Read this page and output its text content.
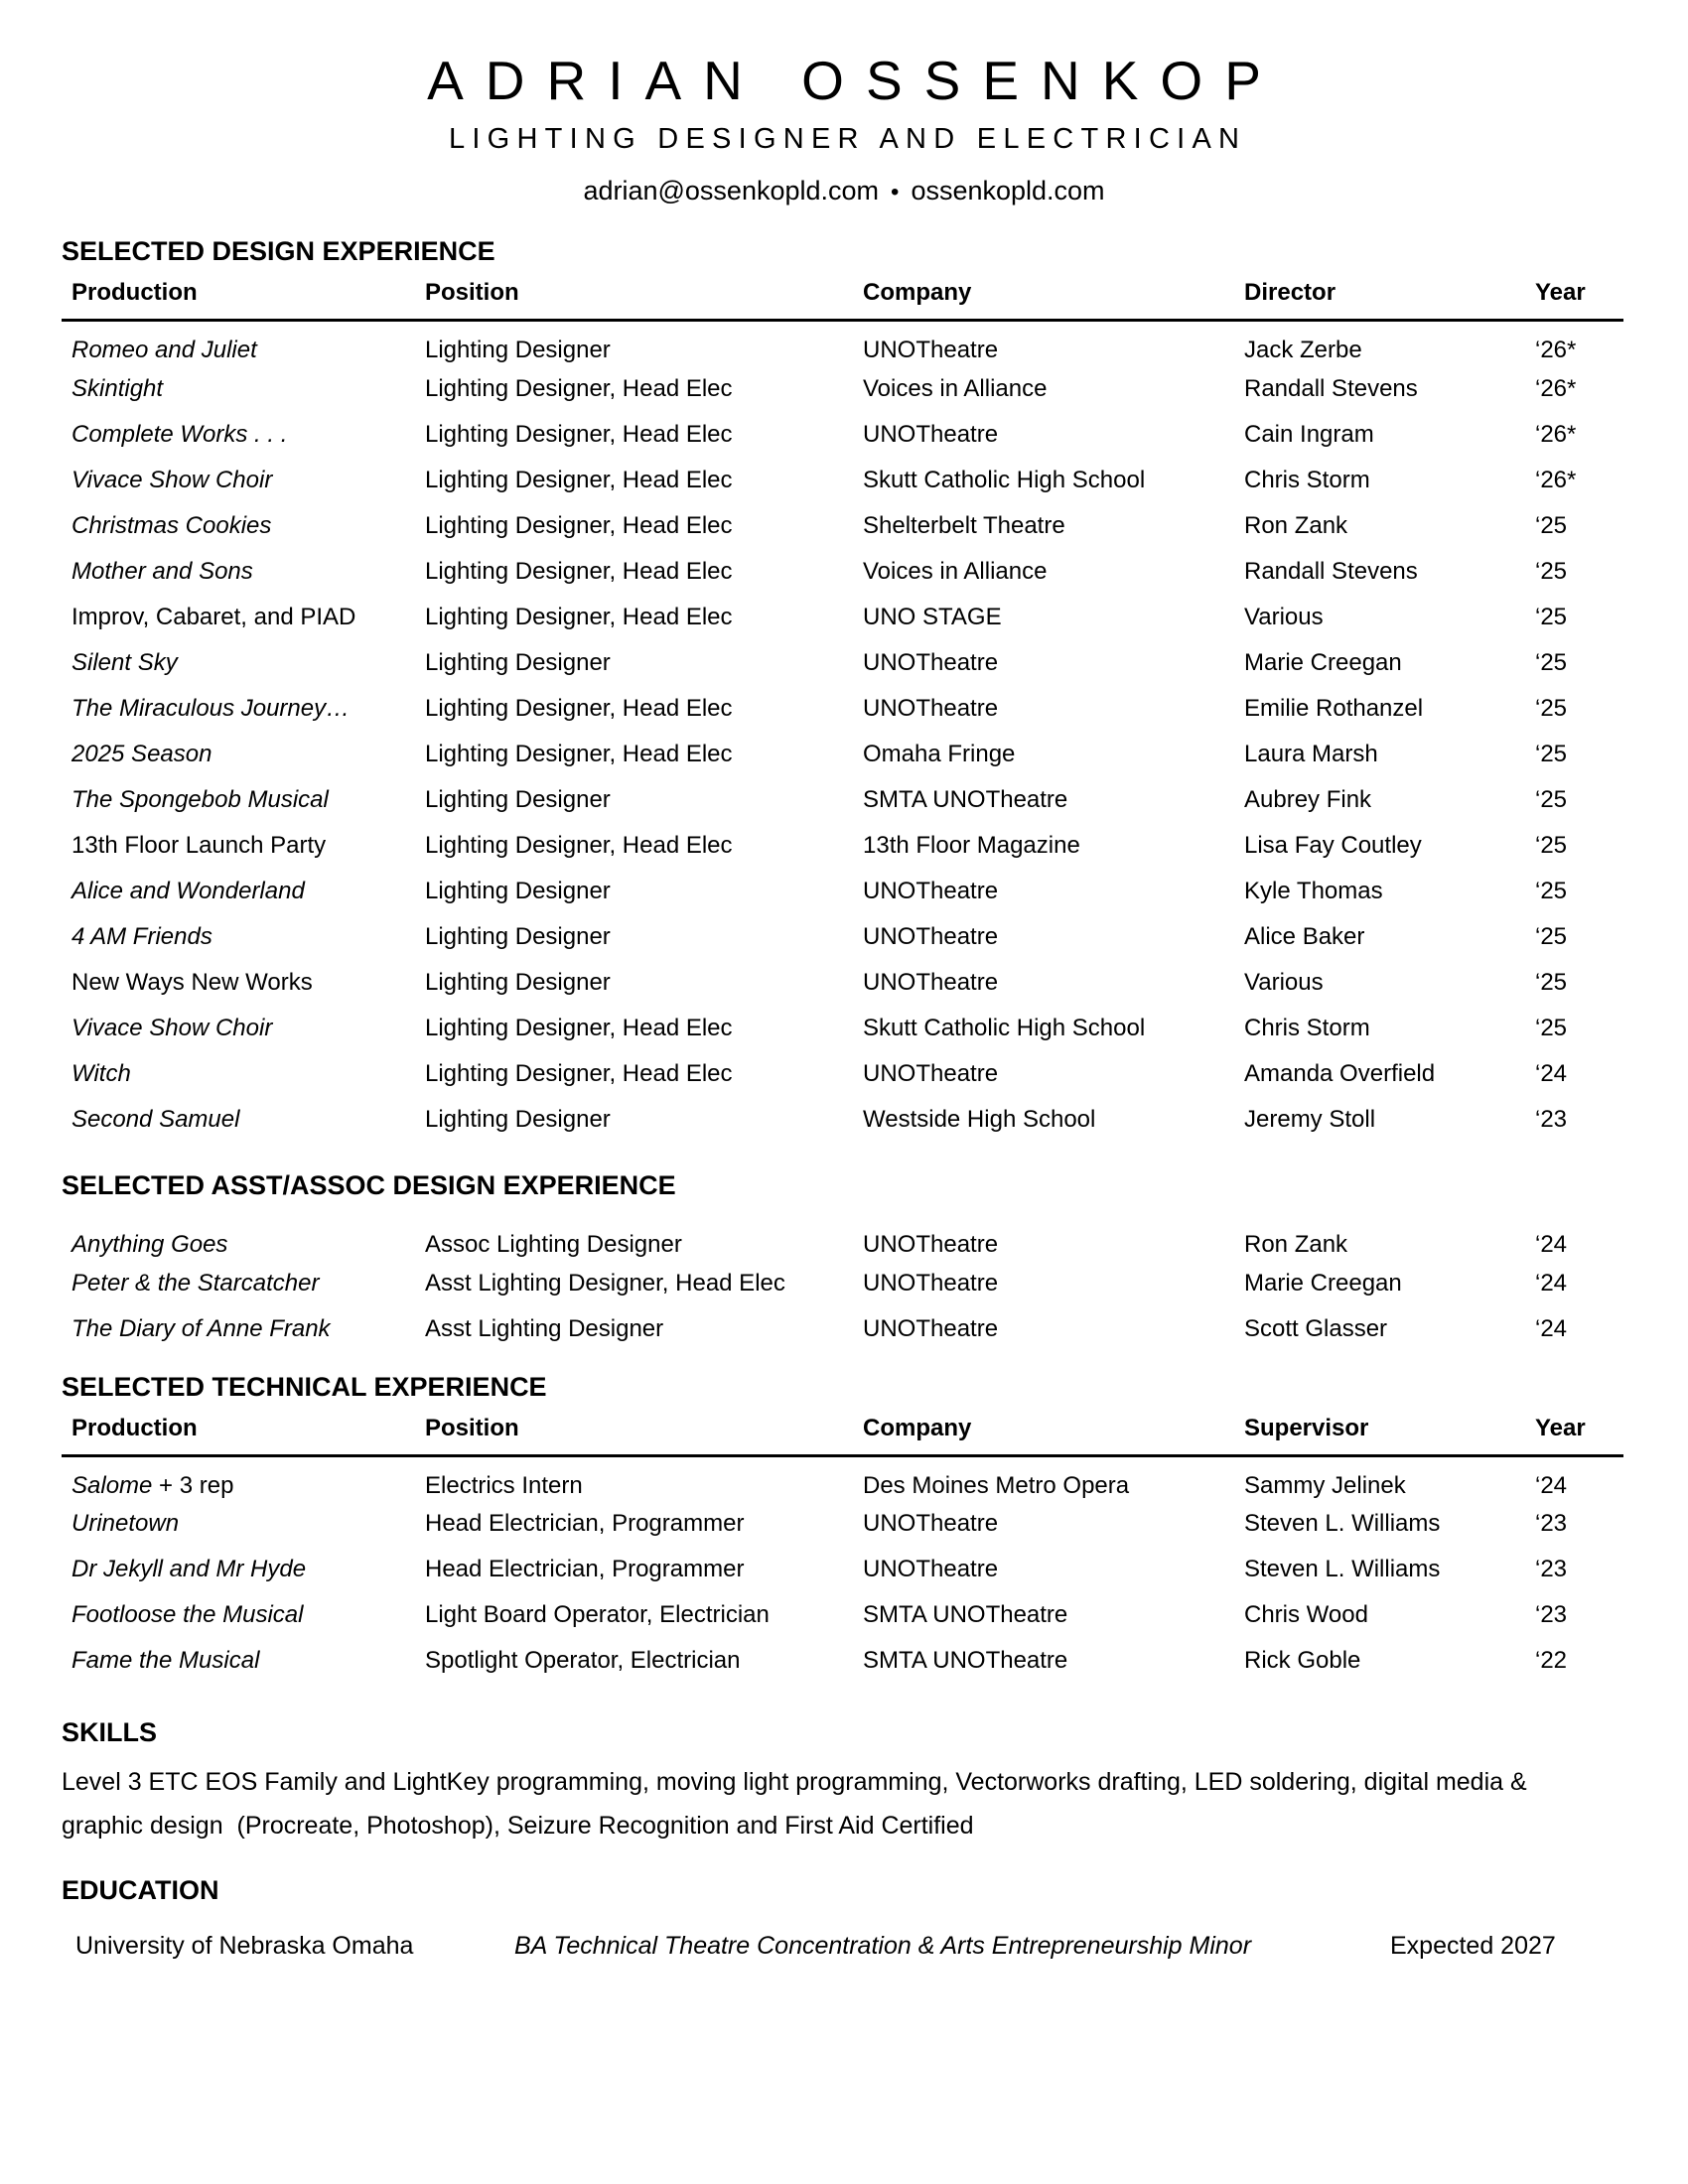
ADRIAN OSSENKOP
LIGHTING DESIGNER AND ELECTRICIAN
adrian@ossenkopld.com • ossenkopld.com
SELECTED DESIGN EXPERIENCE
Production	Position	Company	Director	Year
Romeo and Juliet	Lighting Designer	UNOTheatre	Jack Zerbe	‘26*
Skintight	Lighting Designer, Head Elec	Voices in Alliance	Randall Stevens	‘26*
Complete Works . . .	Lighting Designer, Head Elec	UNOTheatre	Cain Ingram	‘26*
Vivace Show Choir	Lighting Designer, Head Elec	Skutt Catholic High School	Chris Storm	‘26*
Christmas Cookies	Lighting Designer, Head Elec	Shelterbelt Theatre	Ron Zank	‘25
Mother and Sons	Lighting Designer, Head Elec	Voices in Alliance	Randall Stevens	‘25
Improv, Cabaret, and PIAD	Lighting Designer, Head Elec	UNO STAGE	Various	‘25
Silent Sky	Lighting Designer	UNOTheatre	Marie Creegan	‘25
The Miraculous Journey…	Lighting Designer, Head Elec	UNOTheatre	Emilie Rothanzel	‘25
2025 Season	Lighting Designer, Head Elec	Omaha Fringe	Laura Marsh	‘25
The Spongebob Musical	Lighting Designer	SMTA UNOTheatre	Aubrey Fink	‘25
13th Floor Launch Party	Lighting Designer, Head Elec	13th Floor Magazine	Lisa Fay Coutley	‘25
Alice and Wonderland	Lighting Designer	UNOTheatre	Kyle Thomas	‘25
4 AM Friends	Lighting Designer	UNOTheatre	Alice Baker	‘25
New Ways New Works	Lighting Designer	UNOTheatre	Various	‘25
Vivace Show Choir	Lighting Designer, Head Elec	Skutt Catholic High School	Chris Storm	‘25
Witch	Lighting Designer, Head Elec	UNOTheatre	Amanda Overfield	‘24
Second Samuel	Lighting Designer	Westside High School	Jeremy Stoll	‘23
SELECTED ASST/ASSOC DESIGN EXPERIENCE
Anything Goes	Assoc Lighting Designer	UNOTheatre	Ron Zank	‘24
Peter & the Starcatcher	Asst Lighting Designer, Head Elec	UNOTheatre	Marie Creegan	‘24
The Diary of Anne Frank	Asst Lighting Designer	UNOTheatre	Scott Glasser	‘24
SELECTED TECHNICAL EXPERIENCE
Production	Position	Company	Supervisor	Year
Salome + 3 rep	Electrics Intern	Des Moines Metro Opera	Sammy Jelinek	‘24
Urinetown	Head Electrician, Programmer	UNOTheatre	Steven L. Williams	‘23
Dr Jekyll and Mr Hyde	Head Electrician, Programmer	UNOTheatre	Steven L. Williams	‘23
Footloose the Musical	Light Board Operator, Electrician	SMTA UNOTheatre	Chris Wood	‘23
Fame the Musical	Spotlight Operator, Electrician	SMTA UNOTheatre	Rick Goble	‘22
SKILLS

Level 3 ETC EOS Family and LightKey programming, moving light programming, Vectorworks drafting, LED soldering, digital media & graphic design  (Procreate, Photoshop), Seizure Recognition and First Aid Certified

EDUCATION
University of Nebraska Omaha	BA Technical Theatre Concentration & Arts Entrepreneurship Minor	Expected 2027
